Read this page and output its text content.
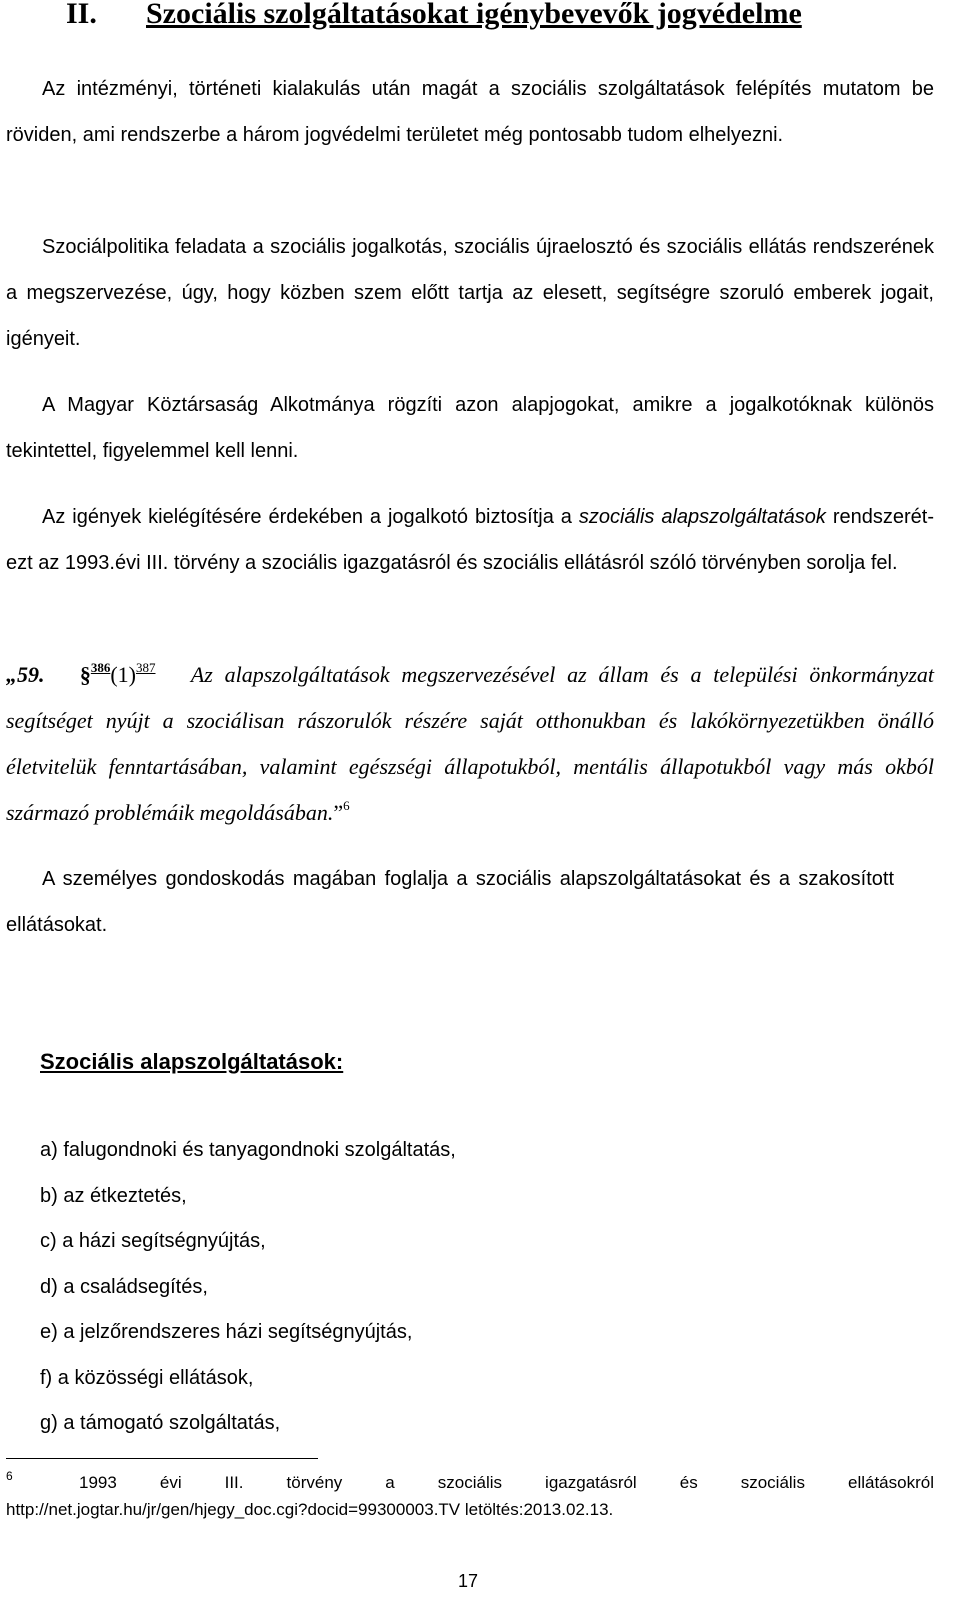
II. Szociális szolgáltatásokat igénybevevők jogvédelme

Az intézményi, történeti kialakulás után magát a szociális szolgáltatások felépítés mutatom be röviden, ami rendszerbe a három jogvédelmi területet még pontosabb tudom elhelyezni.

Szociálpolitika feladata a szociális jogalkotás, szociális újraelosztó és szociális ellátás rendszerének a megszervezése, úgy, hogy közben szem előtt tartja az elesett, segítségre szoruló emberek jogait, igényeit.

A Magyar Köztársaság Alkotmánya rögzíti azon alapjogokat, amikre a jogalkotóknak különös tekintettel, figyelemmel kell lenni.

Az igények kielégítésére érdekében a jogalkotó biztosítja a szociális alapszolgáltatások rendszerét- ezt az 1993.évi III. törvény a szociális igazgatásról és szociális ellátásról szóló törvényben sorolja fel.

„59. §$^{386}$(1)$^{387}$ Az alapszolgáltatások megszervezésével az állam és a települési önkormányzat segítséget nyújt a szociálisan rászorulók részére saját otthonukban és lakókörnyezetükben önálló életvitelük fenntartásában, valamint egészségi állapotukból, mentális állapotukból vagy más okból származó problémáik megoldásában.”$^6$

A személyes gondoskodás magában foglalja a szociális alapszolgáltatásokat és a szakosított ellátásokat.

Szociális alapszolgáltatások:
a) falugondnoki és tanyagondnoki szolgáltatás,
b) az étkeztetés,
c) a házi segítségnyújtás,
d) a családsegítés,
e) a jelzőrendszeres házi segítségnyújtás,
f) a közösségi ellátások,
g) a támogató szolgáltatás,
6	1993	évi	III.	törvény	a	szociális	igazgatásról	és	szociális	ellátásokról
http://net.jogtar.hu/jr/gen/hjegy_doc.cgi?docid=99300003.TV letöltés:2013.02.13.
17
